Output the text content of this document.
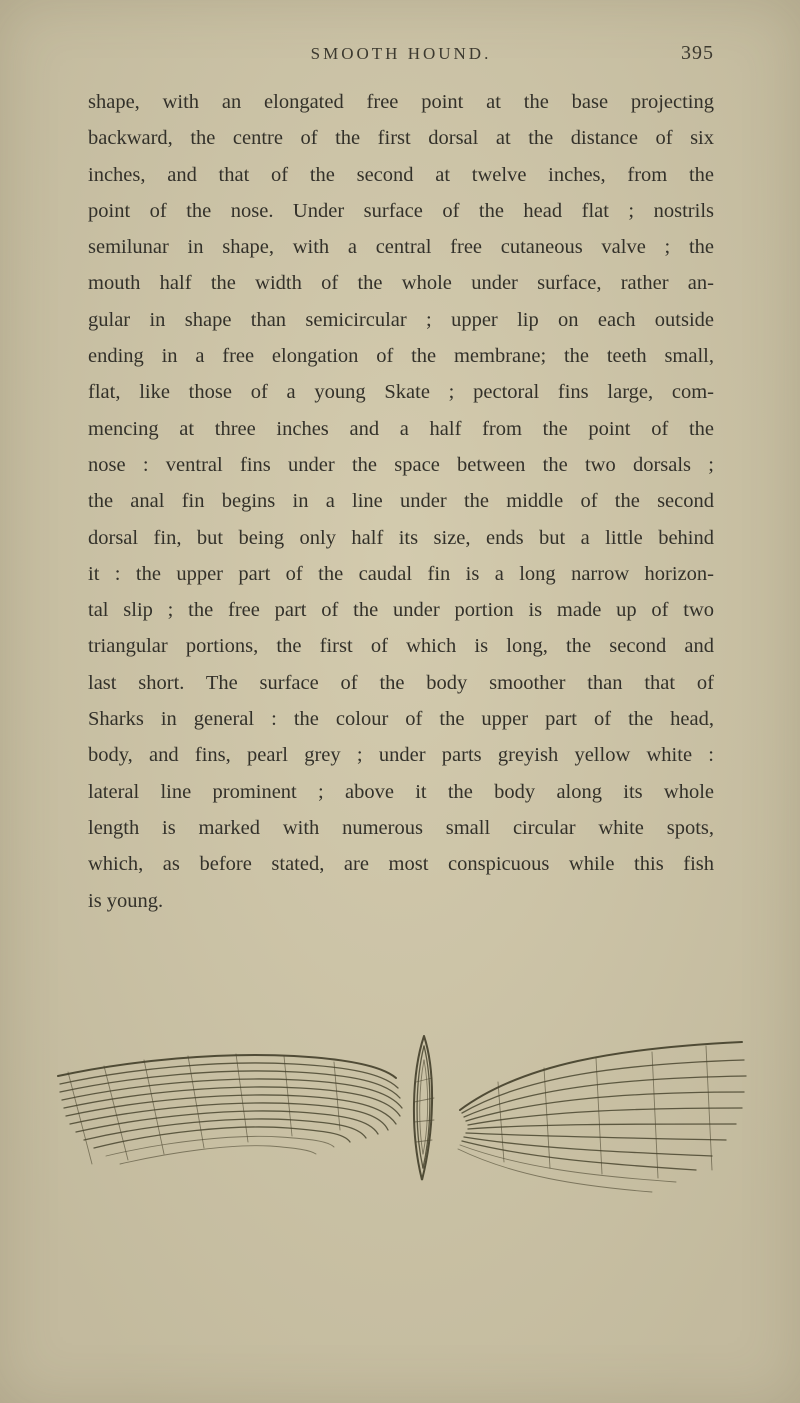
SMOOTH HOUND.	395
shape, with an elongated free point at the base projecting
backward, the centre of the first dorsal at the distance of six
inches, and that of the second at twelve inches, from the
point of the nose. Under surface of the head flat ; nostrils
semilunar in shape, with a central free cutaneous valve ; the
mouth half the width of the whole under surface, rather an-
gular in shape than semicircular ; upper lip on each outside
ending in a free elongation of the membrane; the teeth small,
flat, like those of a young Skate ; pectoral fins large, com-
mencing at three inches and a half from the point of the
nose : ventral fins under the space between the two dorsals ;
the anal fin begins in a line under the middle of the second
dorsal fin, but being only half its size, ends but a little behind
it : the upper part of the caudal fin is a long narrow horizon-
tal slip ; the free part of the under portion is made up of two
triangular portions, the first of which is long, the second and
last short. The surface of the body smoother than that of
Sharks in general : the colour of the upper part of the head,
body, and fins, pearl grey ; under parts greyish yellow white :
lateral line prominent ; above it the body along its whole
length is marked with numerous small circular white spots,
which, as before stated, are most conspicuous while this fish
is young.
